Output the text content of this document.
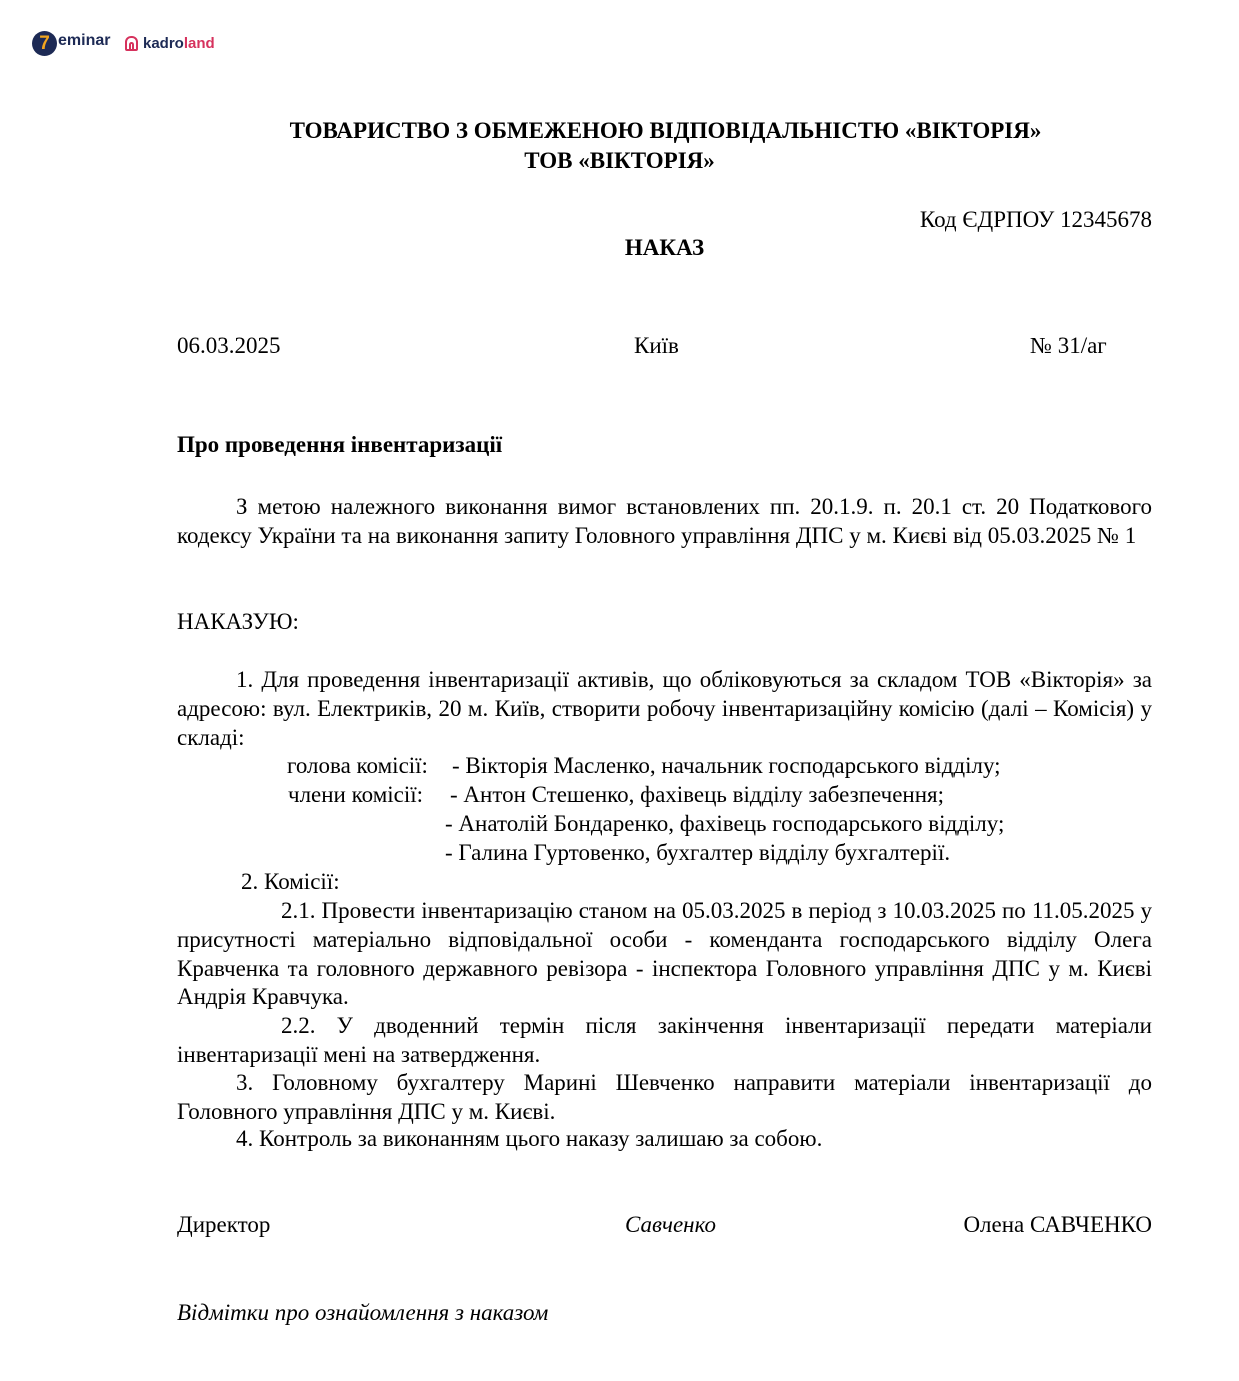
7 eminar kadro land
ТОВАРИСТВО З ОБМЕЖЕНОЮ ВІДПОВІДАЛЬНІСТЮ «ВІКТОРІЯ»
ТОВ «ВІКТОРІЯ»
Код ЄДРПОУ 12345678
НАКАЗ
06.03.2025	Київ	№ 31/аг
Про проведення інвентаризації
З метою належного виконання вимог встановлених пп. 20.1.9. п. 20.1 ст. 20 Податкового кодексу України та на виконання запиту Головного управління ДПС у м. Києві від 05.03.2025 № 1
НАКАЗУЮ:
1. Для проведення інвентаризації активів, що обліковуються за складом ТОВ «Вікторія» за адресою: вул. Електриків, 20 м. Київ, створити робочу інвентаризаційну комісію (далі – Комісія) у складі:
голова комісії: - Вікторія Масленко, начальник господарського відділу;
члени комісії: - Антон Стешенко, фахівець відділу забезпечення;
- Анатолій Бондаренко, фахівець господарського відділу;
- Галина Гуртовенко, бухгалтер відділу бухгалтерії.
2. Комісії:
2.1. Провести інвентаризацію станом на 05.03.2025 в період з 10.03.2025 по 11.05.2025 у присутності матеріально відповідальної особи - коменданта господарського відділу Олега Кравченка та головного державного ревізора - інспектора Головного управління ДПС у м. Києві Андрія Кравчука.
2.2. У дводенний термін після закінчення інвентаризації передати матеріали інвентаризації мені на затвердження.
3. Головному бухгалтеру Марині Шевченко направити матеріали інвентаризації до Головного управління ДПС у м. Києві.
4. Контроль за виконанням цього наказу залишаю за собою.
Директор	Савченко	Олена САВЧЕНКО
Відмітки про ознайомлення з наказом
